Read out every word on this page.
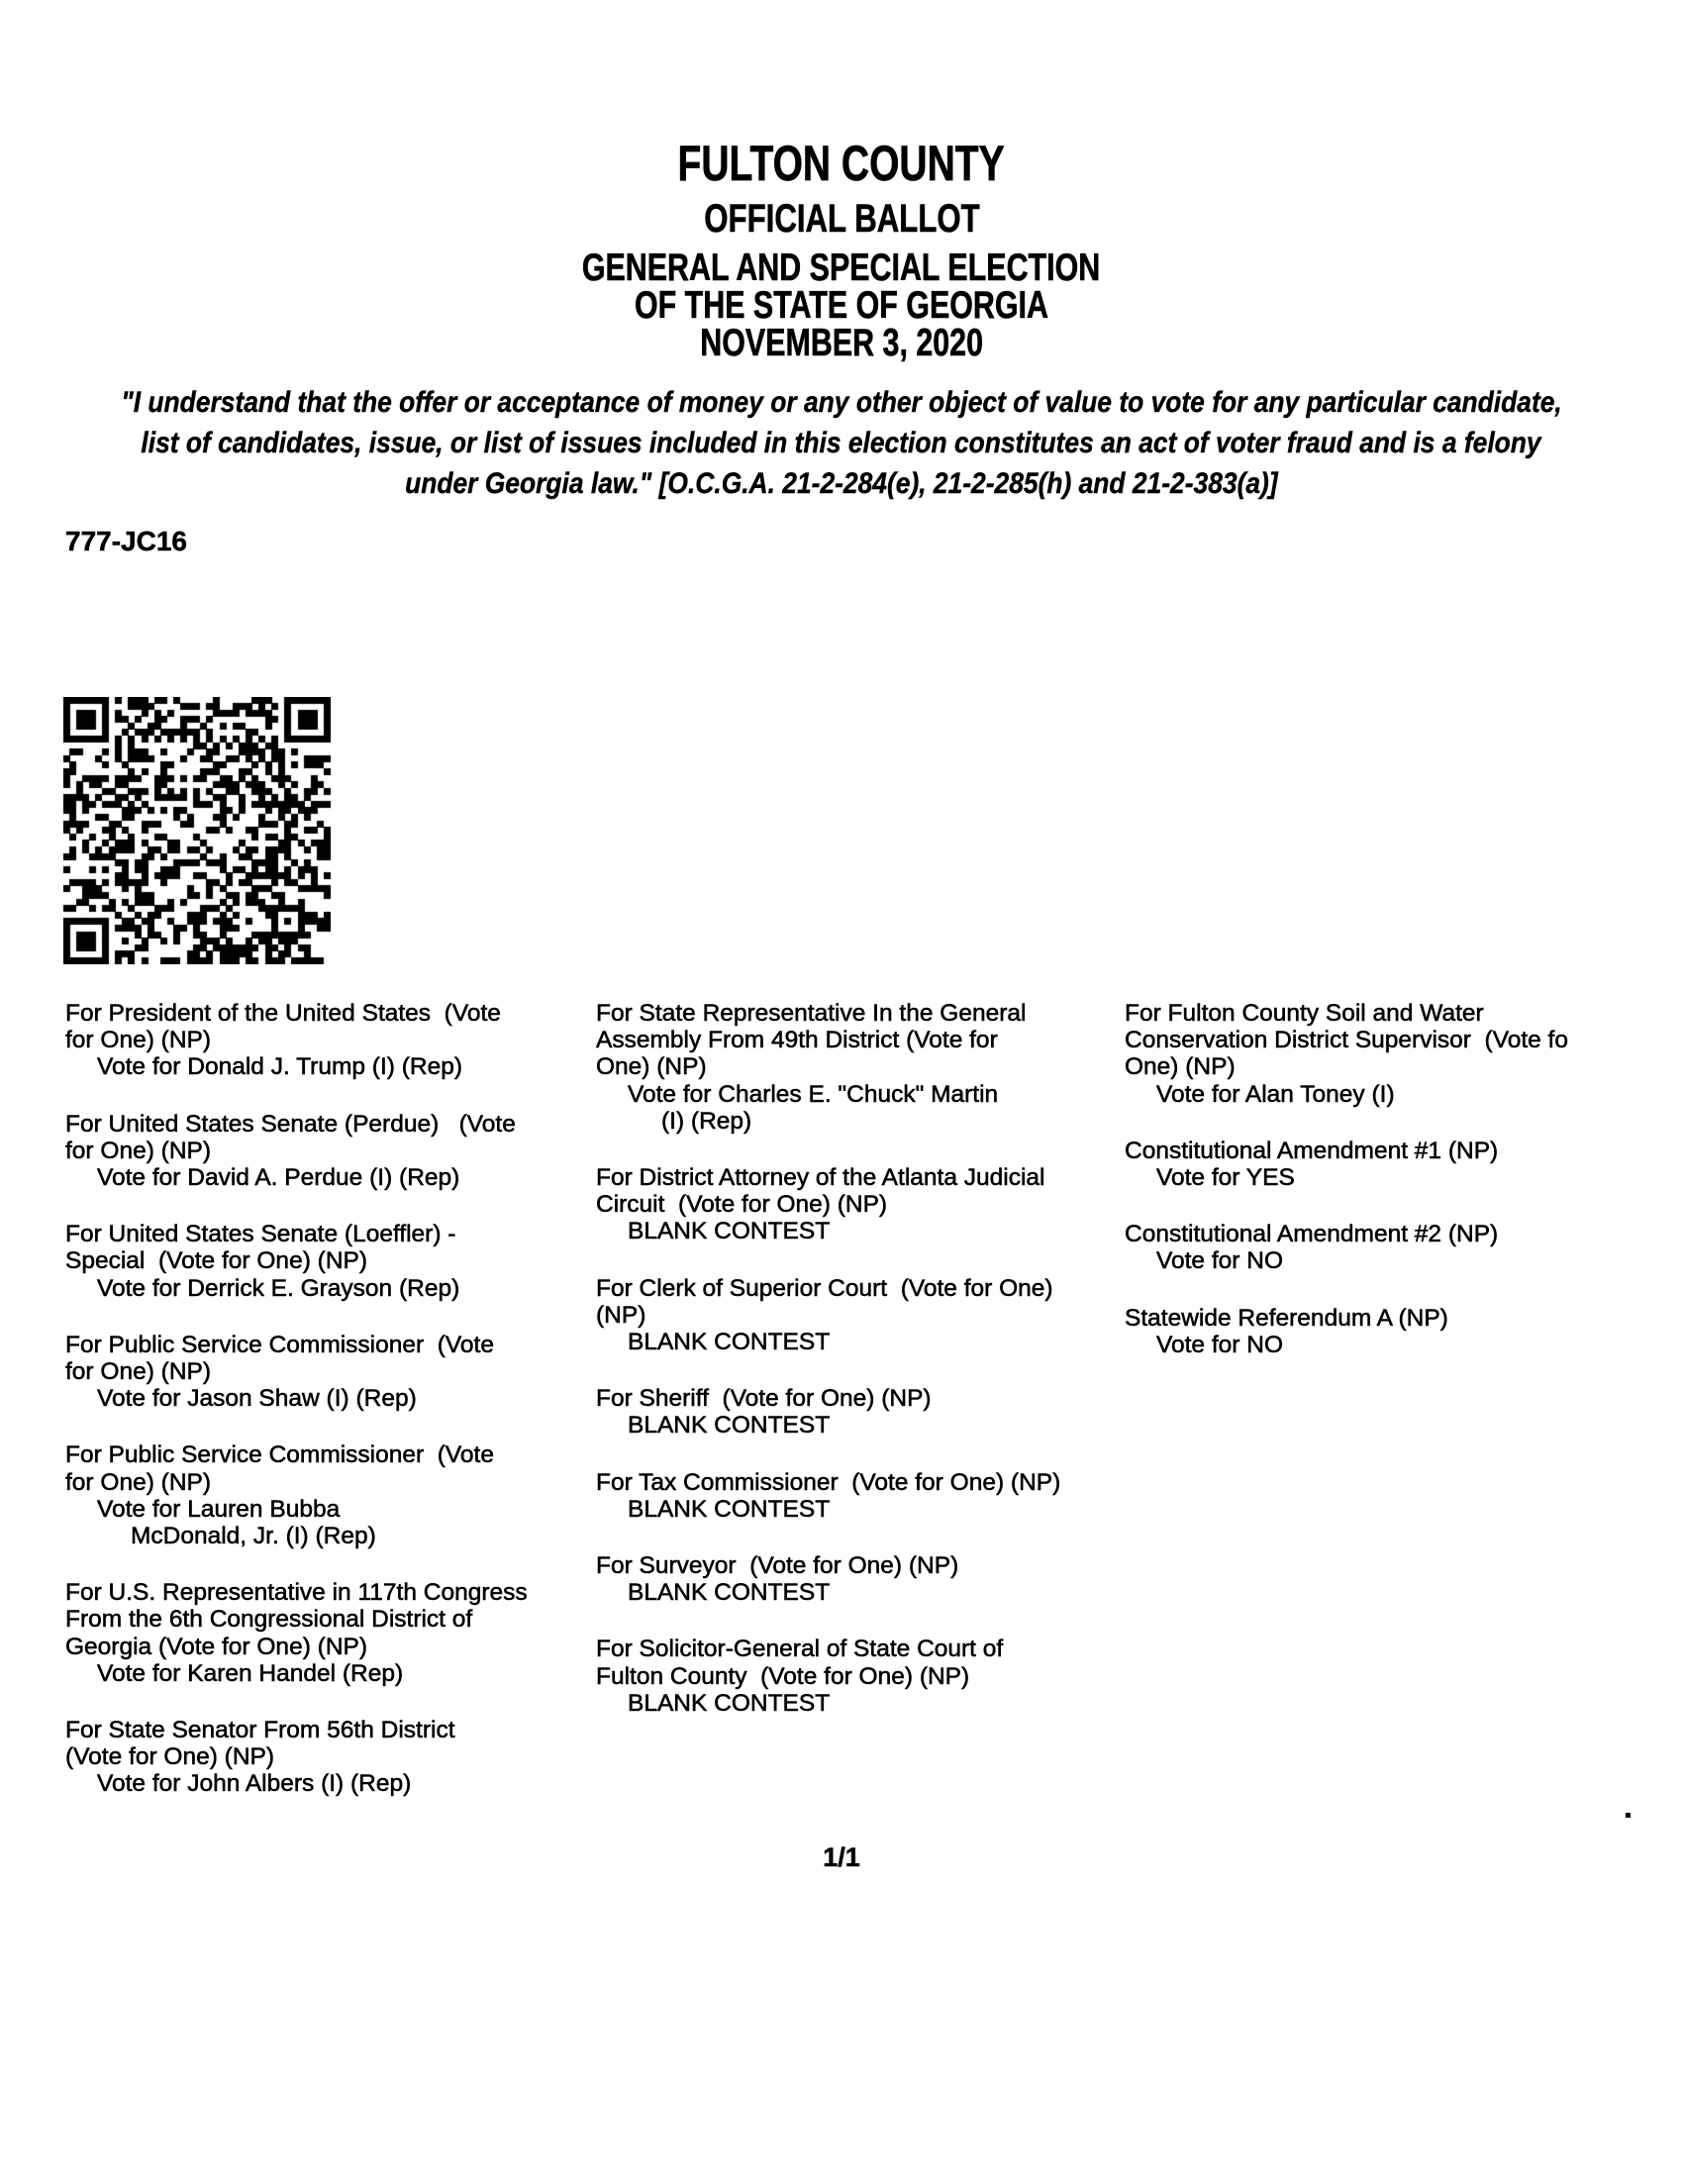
FULTON COUNTY
OFFICIAL BALLOT
GENERAL AND SPECIAL ELECTION
OF THE STATE OF GEORGIA
NOVEMBER 3, 2020
"I understand that the offer or acceptance of money or any other object of value to vote for any particular candidate,
list of candidates, issue, or list of issues included in this election constitutes an act of voter fraud and is a felony
under Georgia law." [O.C.G.A. 21-2-284(e), 21-2-285(h) and 21-2-383(a)]
777-JC16
For President of the United States  (Vote
for One) (NP)
Vote for Donald J. Trump (I) (Rep)
For United States Senate (Perdue)   (Vote
for One) (NP)
Vote for David A. Perdue (I) (Rep)
For United States Senate (Loeffler) -
Special  (Vote for One) (NP)
Vote for Derrick E. Grayson (Rep)
For Public Service Commissioner  (Vote
for One) (NP)
Vote for Jason Shaw (I) (Rep)
For Public Service Commissioner  (Vote
for One) (NP)
Vote for Lauren Bubba
McDonald, Jr. (I) (Rep)
For U.S. Representative in 117th Congress
From the 6th Congressional District of
Georgia (Vote for One) (NP)
Vote for Karen Handel (Rep)
For State Senator From 56th District
(Vote for One) (NP)
Vote for John Albers (I) (Rep)
For State Representative In the General
Assembly From 49th District (Vote for
One) (NP)
Vote for Charles E. "Chuck" Martin
(I) (Rep)
For District Attorney of the Atlanta Judicial
Circuit  (Vote for One) (NP)
BLANK CONTEST
For Clerk of Superior Court  (Vote for One)
(NP)
BLANK CONTEST
For Sheriff  (Vote for One) (NP)
BLANK CONTEST
For Tax Commissioner  (Vote for One) (NP)
BLANK CONTEST
For Surveyor  (Vote for One) (NP)
BLANK CONTEST
For Solicitor-General of State Court of
Fulton County  (Vote for One) (NP)
BLANK CONTEST
For Fulton County Soil and Water
Conservation District Supervisor  (Vote fo
One) (NP)
Vote for Alan Toney (I)
Constitutional Amendment #1 (NP)
Vote for YES
Constitutional Amendment #2 (NP)
Vote for NO
Statewide Referendum A (NP)
Vote for NO
1/1
